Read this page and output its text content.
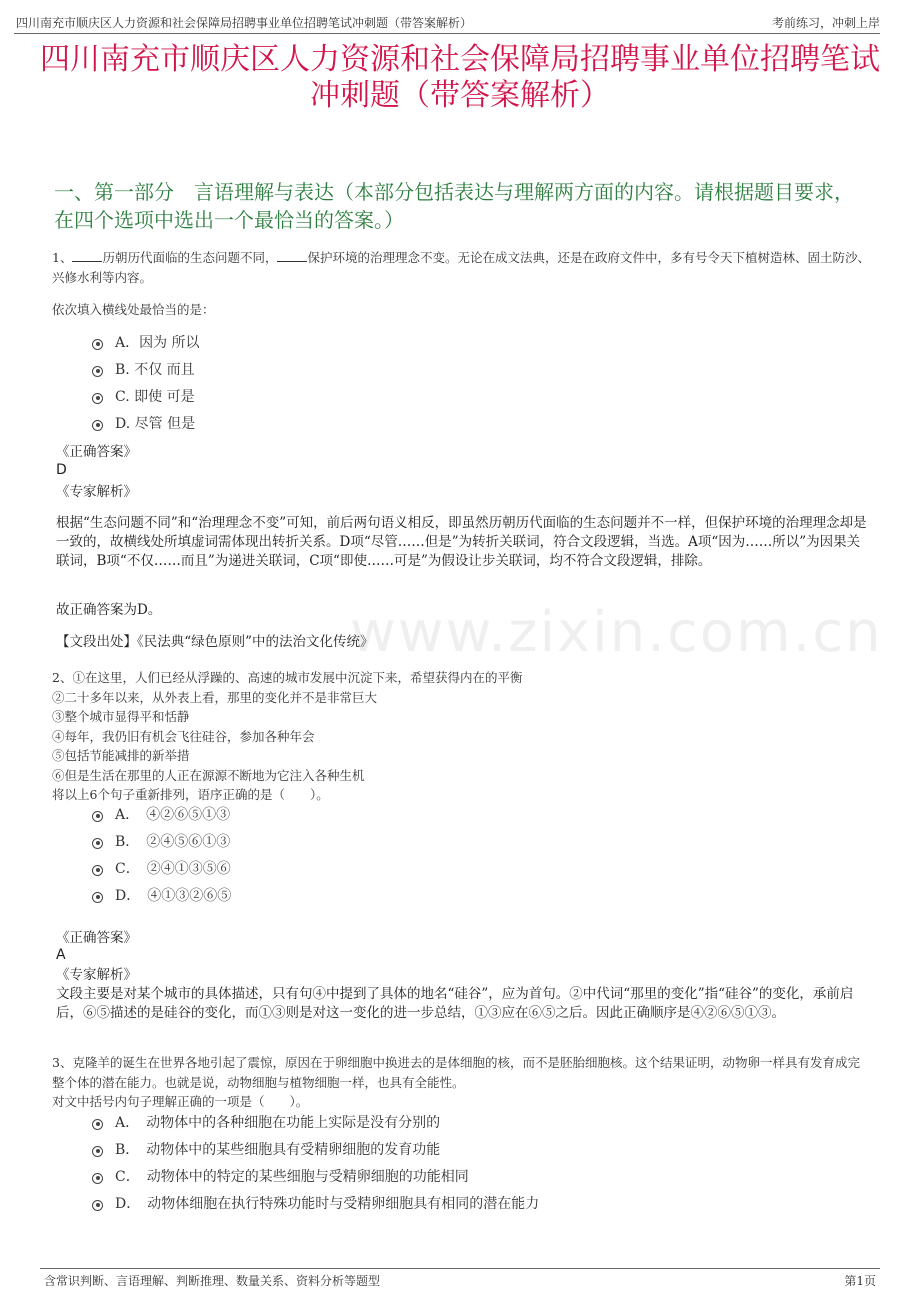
四川南充市顺庆区人力资源和社会保障局招聘事业单位招聘笔试冲刺题（带答案解析）	考前练习，冲刺上岸
www.zixin.com.cn
四川南充市顺庆区人力资源和社会保障局招聘事业单位招聘笔试冲刺题（带答案解析）
一、第一部分　言语理解与表达（本部分包括表达与理解两方面的内容。请根据题目要求，在四个选项中选出一个最恰当的答案。）
1、 历朝历代面临的生态问题不同， 保护环境的治理理念不变。无论在成文法典，还是在政府文件中，多有号令天下植树造林、固土防沙、兴修水利等内容。
依次填入横线处最恰当的是：
A．因为 所以
B. 不仅 而且
C. 即使 可是
D. 尽管 但是
《正确答案》
D
《专家解析》
根据“生态问题不同”和“治理理念不变”可知，前后两句语义相反，即虽然历朝历代面临的生态问题并不一样，但保护环境的治理理念却是一致的，故横线处所填虚词需体现出转折关系。D项“尽管……但是”为转折关联词，符合文段逻辑，当选。A项“因为……所以”为因果关联词，B项“不仅……而且”为递进关联词，C项“即使……可是”为假设让步关联词，均不符合文段逻辑，排除。
故正确答案为D。
【文段出处】《民法典“绿色原则”中的法治文化传统》
2、①在这里，人们已经从浮躁的、高速的城市发展中沉淀下来，希望获得内在的平衡
②二十多年以来，从外表上看，那里的变化并不是非常巨大
③整个城市显得平和恬静
④每年，我仍旧有机会飞往硅谷，参加各种年会
⑤包括节能减排的新举措
⑥但是生活在那里的人正在源源不断地为它注入各种生机
将以上6个句子重新排列，语序正确的是（　　）。
A．　④②⑥⑤①③
B．　②④⑤⑥①③
C．　②④①③⑤⑥
D．　④①③②⑥⑤
《正确答案》
A
《专家解析》
文段主要是对某个城市的具体描述，只有句④中提到了具体的地名“硅谷”，应为首句。②中代词“那里的变化”指“硅谷”的变化，承前启后，⑥⑤描述的是硅谷的变化，而①③则是对这一变化的进一步总结，①③应在⑥⑤之后。因此正确顺序是④②⑥⑤①③。
3、克隆羊的诞生在世界各地引起了震惊，原因在于卵细胞中换进去的是体细胞的核，而不是胚胎细胞核。这个结果证明，动物卵一样具有发育成完整个体的潜在能力。也就是说，动物细胞与植物细胞一样，也具有全能性。
对文中括号内句子理解正确的一项是（　　）。
A．　动物体中的各种细胞在功能上实际是没有分别的
B．　动物体中的某些细胞具有受精卵细胞的发育功能
C．　动物体中的特定的某些细胞与受精卵细胞的功能相同
D．　动物体细胞在执行特殊功能时与受精卵细胞具有相同的潜在能力
含常识判断、言语理解、判断推理、数量关系、资料分析等题型	第1页
